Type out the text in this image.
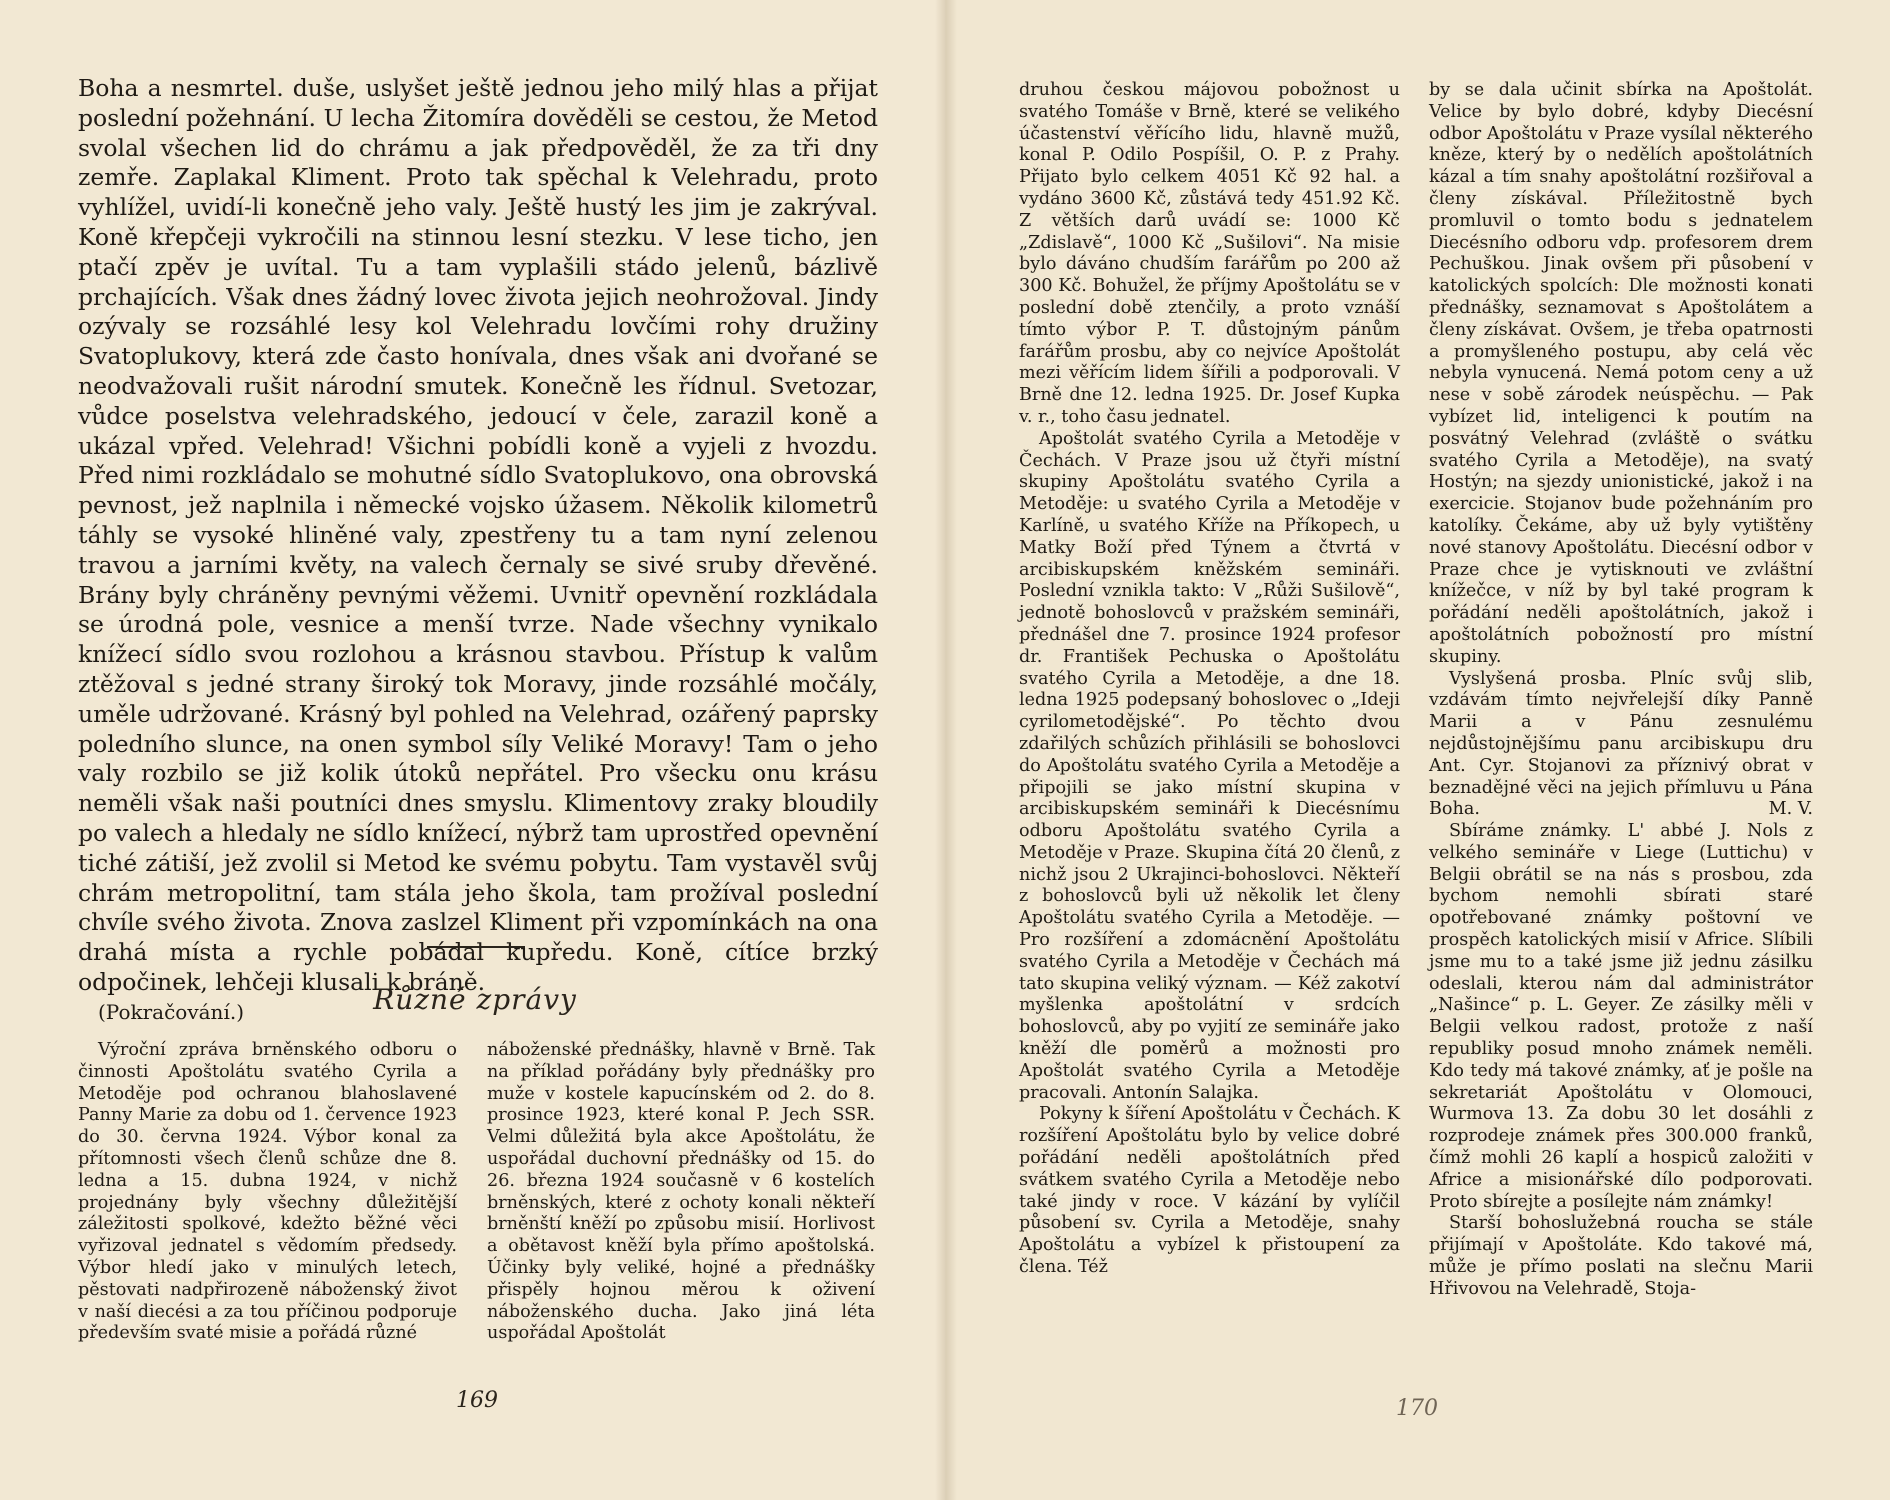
Boha a nesmrtel. duše, uslyšet ještě jednou jeho milý hlas a přijat poslední požehnání. U lecha Žitomíra dověděli se cestou, že Metod svolal všechen lid do chrámu a jak předpověděl, že za tři dny zemře. Zaplakal Kliment. Proto tak spěchal k Velehradu, proto vyhlížel, uvidí-li konečně jeho valy. Ještě hustý les jim je zakrýval. Koně křepčeji vykročili na stinnou lesní stezku. V lese ticho, jen ptačí zpěv je uvítal. Tu a tam vyplašili stádo jelenů, bázlivě prchajících. Však dnes žádný lovec života jejich neohrožoval. Jindy ozývaly se rozsáhlé lesy kol Velehradu lovčími rohy družiny Svatoplukovy, která zde často honívala, dnes však ani dvořané se neodvažovali rušit národní smutek. Konečně les řídnul. Svetozar, vůdce poselstva velehradského, jedoucí v čele, zarazil koně a ukázal vpřed. Velehrad! Všichni pobídli koně a vyjeli z hvozdu. Před nimi rozkládalo se mohutné sídlo Svatoplukovo, ona obrovská pevnost, jež naplnila i německé vojsko úžasem. Několik kilometrů táhly se vysoké hliněné valy, zpestřeny tu a tam nyní zelenou travou a jarními květy, na valech černaly se sivé sruby dřevěné. Brány byly chráněny pevnými věžemi. Uvnitř opevnění rozkládala se úrodná pole, vesnice a menší tvrze. Nade všechny vynikalo knížecí sídlo svou rozlohou a krásnou stavbou. Přístup k valům ztěžoval s jedné strany široký tok Moravy, jinde rozsáhlé močály, uměle udržované. Krásný byl pohled na Velehrad, ozářený paprsky poledního slunce, na onen symbol síly Veliké Moravy! Tam o jeho valy rozbilo se již kolik útoků nepřátel. Pro všecku onu krásu neměli však naši poutníci dnes smyslu. Klimentovy zraky bloudily po valech a hledaly ne sídlo knížecí, nýbrž tam uprostřed opevnění tiché zátiší, jež zvolil si Metod ke svému pobytu. Tam vystavěl svůj chrám metropolitní, tam stála jeho škola, tam prožíval poslední chvíle svého života. Znova zaslzel Kliment při vzpomínkách na ona drahá místa a rychle pobádal kupředu. Koně, cítíce brzký odpočinek, lehčeji klusali k bráně.

(Pokračování.)	Různé zprávy

Výroční zpráva brněnského odboru o činnosti Apoštolátu svatého Cyrila a Metoděje pod ochranou blahoslavené Panny Marie za dobu od 1. července 1923 do 30. června 1924. Výbor konal za přítomnosti všech členů schůze dne 8. ledna a 15. dubna 1924, v nichž projednány byly všechny důležitější záležitosti spolkové, kdežto běžné věci vyřizoval jednatel s vědomím předsedy. Výbor hledí jako v minulých letech, pěstovati nadpřirozeně náboženský život v naší diecési a za tou příčinou podporuje především svaté misie a pořádá různé

náboženské přednášky, hlavně v Brně. Tak na příklad pořádány byly přednášky pro muže v kostele kapucínském od 2. do 8. prosince 1923, které konal P. Jech SSR. Velmi důležitá byla akce Apoštolátu, že uspořádal duchovní přednášky od 15. do 26. března 1924 současně v 6 kostelích brněnských, které z ochoty konali někteří brněnští kněží po způsobu misií. Horlivost a obětavost kněží byla přímo apoštolská. Účinky byly veliké, hojné a přednášky přispěly hojnou měrou k oživení náboženského ducha. Jako jiná léta uspořádal Apoštolát

169

druhou českou májovou pobožnost u svatého Tomáše v Brně, které se velikého účastenství věřícího lidu, hlavně mužů, konal P. Odilo Pospíšil, O. P. z Prahy. Přijato bylo celkem 4051 Kč 92 hal. a vydáno 3600 Kč, zůstává tedy 451.92 Kč. Z větších darů uvádí se: 1000 Kč „Zdislavě“, 1000 Kč „Sušilovi“. Na misie bylo dáváno chudším farářům po 200 až 300 Kč. Bohužel, že příjmy Apoštolátu se v poslední době ztenčily, a proto vznáší tímto výbor P. T. důstojným pánům farářům prosbu, aby co nejvíce Apoštolát mezi věřícím lidem šířili a podporovali. V Brně dne 12. ledna 1925. Dr. Josef Kupka v. r., toho času jednatel.

Apoštolát svatého Cyrila a Metoděje v Čechách. V Praze jsou už čtyři místní skupiny Apoštolátu svatého Cyrila a Metoděje: u svatého Cyrila a Metoděje v Karlíně, u svatého Kříže na Příkopech, u Matky Boží před Týnem a čtvrtá v arcibiskupském kněžském semináři. Poslední vznikla takto: V „Růži Sušilově“, jednotě bohoslovců v pražském semináři, přednášel dne 7. prosince 1924 profesor dr. František Pechuska o Apoštolátu svatého Cyrila a Metoděje, a dne 18. ledna 1925 podepsaný bohoslovec o „Ideji cyrilometodějské“. Po těchto dvou zdařilých schůzích přihlásili se bohoslovci do Apoštolátu svatého Cyrila a Metoděje a připojili se jako místní skupina v arcibiskupském semináři k Diecésnímu odboru Apoštolátu svatého Cyrila a Metoděje v Praze. Skupina čítá 20 členů, z nichž jsou 2 Ukrajinci-bohoslovci. Někteří z bohoslovců byli už několik let členy Apoštolátu svatého Cyrila a Metoděje. — Pro rozšíření a zdomácnění Apoštolátu svatého Cyrila a Metoděje v Čechách má tato skupina veliký význam. — Kéž zakotví myšlenka apoštolátní v srdcích bohoslovců, aby po vyjití ze semináře jako kněží dle poměrů a možnosti pro Apoštolát svatého Cyrila a Metoděje pracovali. Antonín Salajka.

Pokyny k šíření Apoštolátu v Čechách. K rozšíření Apoštolátu bylo by velice dobré pořádání neděli apoštolátních před svátkem svatého Cyrila a Metoděje nebo také jindy v roce. V kázání by vylíčil působení sv. Cyrila a Metoděje, snahy Apoštolátu a vybízel k přistoupení za člena. Též

by se dala učinit sbírka na Apoštolát. Velice by bylo dobré, kdyby Diecésní odbor Apoštolátu v Praze vysílal některého kněze, který by o nedělích apoštolátních kázal a tím snahy apoštolátní rozšiřoval a členy získával. Příležitostně bych promluvil o tomto bodu s jednatelem Diecésního odboru vdp. profesorem drem Pechuškou. Jinak ovšem při působení v katolických spolcích: Dle možnosti konati přednášky, seznamovat s Apoštolátem a členy získávat. Ovšem, je třeba opatrnosti a promyšleného postupu, aby celá věc nebyla vynucená. Nemá potom ceny a už nese v sobě zárodek neúspěchu. — Pak vybízet lid, inteligenci k poutím na posvátný Velehrad (zvláště o svátku svatého Cyrila a Metoděje), na svatý Hostýn; na sjezdy unionistické, jakož i na exercicie. Stojanov bude požehnáním pro katolíky. Čekáme, aby už byly vytištěny nové stanovy Apoštolátu. Diecésní odbor v Praze chce je vytisknouti ve zvláštní knížečce, v níž by byl také program k pořádání neděli apoštolátních, jakož i apoštolátních pobožností pro místní skupiny.

Vyslyšená prosba. Plníc svůj slib, vzdávám tímto nejvřelejší díky Panně Marii a v Pánu zesnulému nejdůstojnějšímu panu arcibiskupu dru Ant. Cyr. Stojanovi za příznivý obrat v beznadějné věci na jejich přímluvu u Pána Boha.	M. V.

Sbíráme známky. L' abbé J. Nols z velkého semináře v Liege (Luttichu) v Belgii obrátil se na nás s prosbou, zda bychom nemohli sbírati staré opotřebované známky poštovní ve prospěch katolických misií v Africe. Slíbili jsme mu to a také jsme již jednu zásilku odeslali, kterou nám dal administrátor „Našince“ p. L. Geyer. Ze zásilky měli v Belgii velkou radost, protože z naší republiky posud mnoho známek neměli. Kdo tedy má takové známky, ať je pošle na sekretariát Apoštolátu v Olomouci, Wurmova 13. Za dobu 30 let dosáhli z rozprodeje známek přes 300.000 franků, čímž mohli 26 kaplí a hospiců založiti v Africe a misionářské dílo podporovati. Proto sbírejte a posílejte nám známky!

Starší bohoslužebná roucha se stále přijímají v Apoštoláte. Kdo takové má, může je přímo poslati na slečnu Marii Hřivovou na Velehradě, Stoja-

170
